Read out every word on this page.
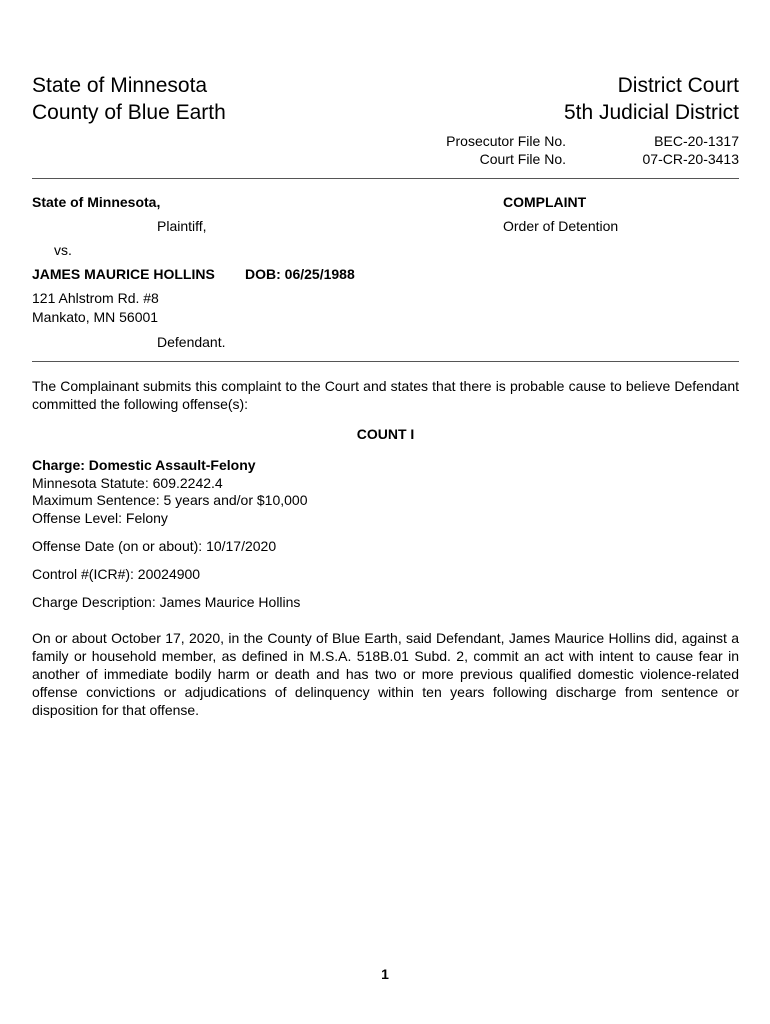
State of Minnesota
County of Blue Earth
District Court
5th Judicial District
Prosecutor File No.
Court File No.
BEC-20-1317
07-CR-20-3413
State of Minnesota,
Plaintiff,
vs.
JAMES MAURICE HOLLINS DOB: 06/25/1988
121 Ahlstrom Rd. #8
Mankato, MN 56001
Defendant.
COMPLAINT
Order of Detention
The Complainant submits this complaint to the Court and states that there is probable cause to believe Defendant committed the following offense(s):
COUNT I
Charge: Domestic Assault-Felony
Minnesota Statute: 609.2242.4
Maximum Sentence: 5 years and/or $10,000
Offense Level: Felony
Offense Date (on or about): 10/17/2020
Control #(ICR#): 20024900
Charge Description: James Maurice Hollins
On or about October 17, 2020, in the County of Blue Earth, said Defendant, James Maurice Hollins did, against a family or household member, as defined in M.S.A. 518B.01 Subd. 2, commit an act with intent to cause fear in another of immediate bodily harm or death and has two or more previous qualified domestic violence-related offense convictions or adjudications of delinquency within ten years following discharge from sentence or disposition for that offense.
1
